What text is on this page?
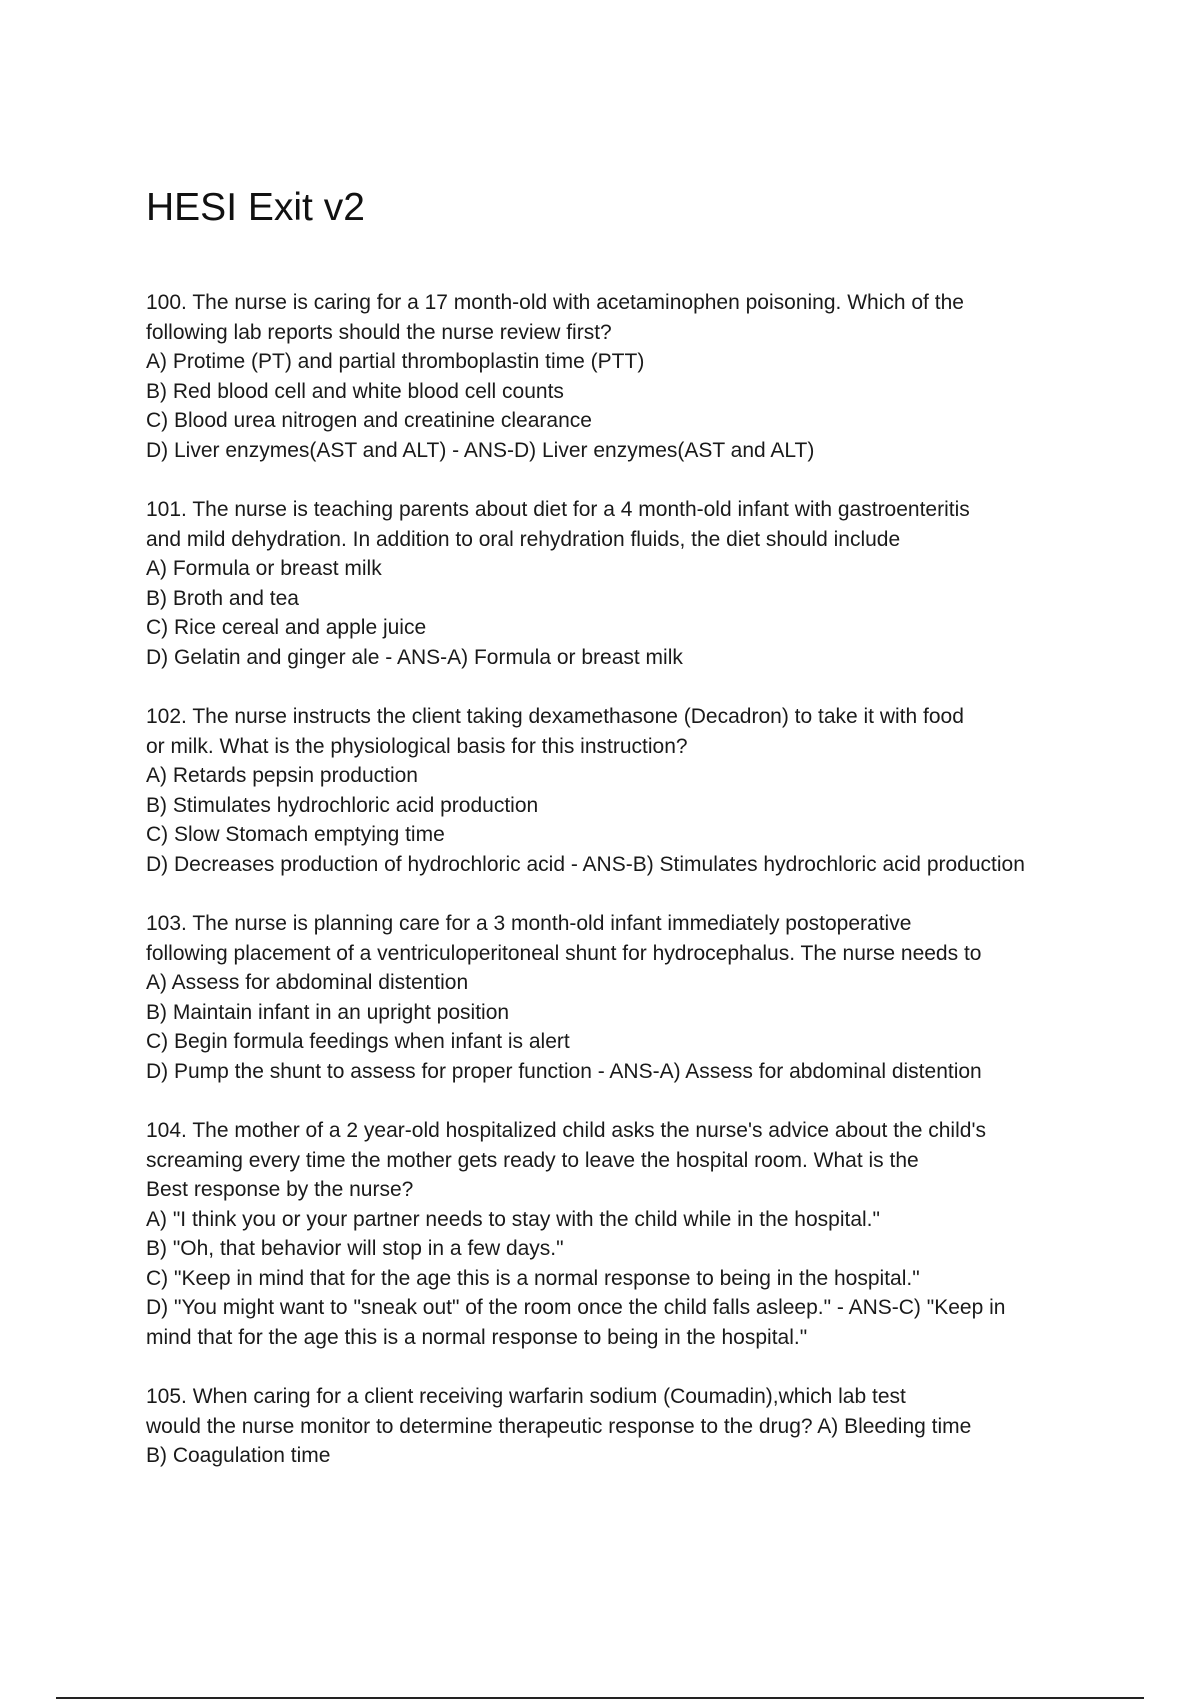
HESI Exit v2
100. The nurse is caring for a 17 month-old with acetaminophen poisoning. Which of the
following lab reports should the nurse review first?
A) Protime (PT) and partial thromboplastin time (PTT)
B) Red blood cell and white blood cell counts
C) Blood urea nitrogen and creatinine clearance
D) Liver enzymes(AST and ALT) - ANS-D) Liver enzymes(AST and ALT)
101. The nurse is teaching parents about diet for a 4 month-old infant with gastroenteritis
and mild dehydration. In addition to oral rehydration fluids, the diet should include
A) Formula or breast milk
B) Broth and tea
C) Rice cereal and apple juice
D) Gelatin and ginger ale - ANS-A) Formula or breast milk
102. The nurse instructs the client taking dexamethasone (Decadron) to take it with food
or milk. What is the physiological basis for this instruction?
A) Retards pepsin production
B) Stimulates hydrochloric acid production
C) Slow Stomach emptying time
D) Decreases production of hydrochloric acid - ANS-B) Stimulates hydrochloric acid production
103. The nurse is planning care for a 3 month-old infant immediately postoperative
following placement of a ventriculoperitoneal shunt for hydrocephalus. The nurse needs to
A) Assess for abdominal distention
B) Maintain infant in an upright position
C) Begin formula feedings when infant is alert
D) Pump the shunt to assess for proper function - ANS-A) Assess for abdominal distention
104. The mother of a 2 year-old hospitalized child asks the nurse's advice about the child's
screaming every time the mother gets ready to leave the hospital room. What is the
Best response by the nurse?
A) "I think you or your partner needs to stay with the child while in the hospital."
B) "Oh, that behavior will stop in a few days."
C) "Keep in mind that for the age this is a normal response to being in the hospital."
D) "You might want to "sneak out" of the room once the child falls asleep." - ANS-C) "Keep in
mind that for the age this is a normal response to being in the hospital."
105. When caring for a client receiving warfarin sodium (Coumadin),which lab test
would the nurse monitor to determine therapeutic response to the drug? A) Bleeding time
B) Coagulation time
